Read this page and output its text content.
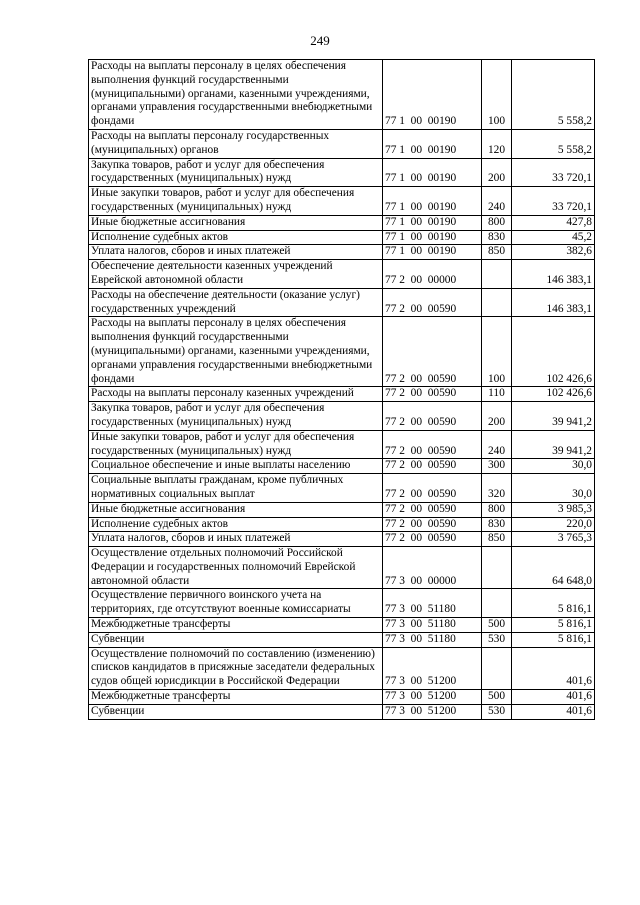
249
Расходы на выплаты персоналу в целях обеспечения выполнения функций государственными (муниципальными) органами, казенными учреждениями, органами управления государственными внебюджетными фондами	77 1  00  00190	100	5 558,2
Расходы на выплаты персоналу государственных (муниципальных) органов	77 1  00  00190	120	5 558,2
Закупка товаров, работ и услуг для обеспечения государственных (муниципальных) нужд	77 1  00  00190	200	33 720,1
Иные закупки товаров, работ и услуг для обеспечения государственных (муниципальных) нужд	77 1  00  00190	240	33 720,1
Иные бюджетные ассигнования	77 1  00  00190	800	427,8
Исполнение судебных актов	77 1  00  00190	830	45,2
Уплата налогов, сборов и иных платежей	77 1  00  00190	850	382,6
Обеспечение деятельности казенных учреждений Еврейской автономной области	77 2  00  00000		146 383,1
Расходы на обеспечение деятельности (оказание услуг) государственных учреждений	77 2  00  00590		146 383,1
Расходы на выплаты персоналу в целях обеспечения выполнения функций государственными (муниципальными) органами, казенными учреждениями, органами управления государственными внебюджетными фондами	77 2  00  00590	100	102 426,6
Расходы на выплаты персоналу казенных учреждений	77 2  00  00590	110	102 426,6
Закупка товаров, работ и услуг для обеспечения государственных (муниципальных) нужд	77 2  00  00590	200	39 941,2
Иные закупки товаров, работ и услуг для обеспечения государственных (муниципальных) нужд	77 2  00  00590	240	39 941,2
Социальное обеспечение и иные выплаты населению	77 2  00  00590	300	30,0
Социальные выплаты гражданам, кроме публичных нормативных социальных выплат	77 2  00  00590	320	30,0
Иные бюджетные ассигнования	77 2  00  00590	800	3 985,3
Исполнение судебных актов	77 2  00  00590	830	220,0
Уплата налогов, сборов и иных платежей	77 2  00  00590	850	3 765,3
Осуществление отдельных полномочий Российской Федерации и государственных полномочий Еврейской автономной области	77 3  00  00000		64 648,0
Осуществление первичного воинского учета на территориях, где отсутствуют военные комиссариаты	77 3  00  51180		5 816,1
Межбюджетные трансферты	77 3  00  51180	500	5 816,1
Субвенции	77 3  00  51180	530	5 816,1
Осуществление полномочий по составлению (изменению) списков кандидатов в присяжные заседатели федеральных судов общей юрисдикции в Российской Федерации	77 3  00  51200		401,6
Межбюджетные трансферты	77 3  00  51200	500	401,6
Субвенции	77 3  00  51200	530	401,6
